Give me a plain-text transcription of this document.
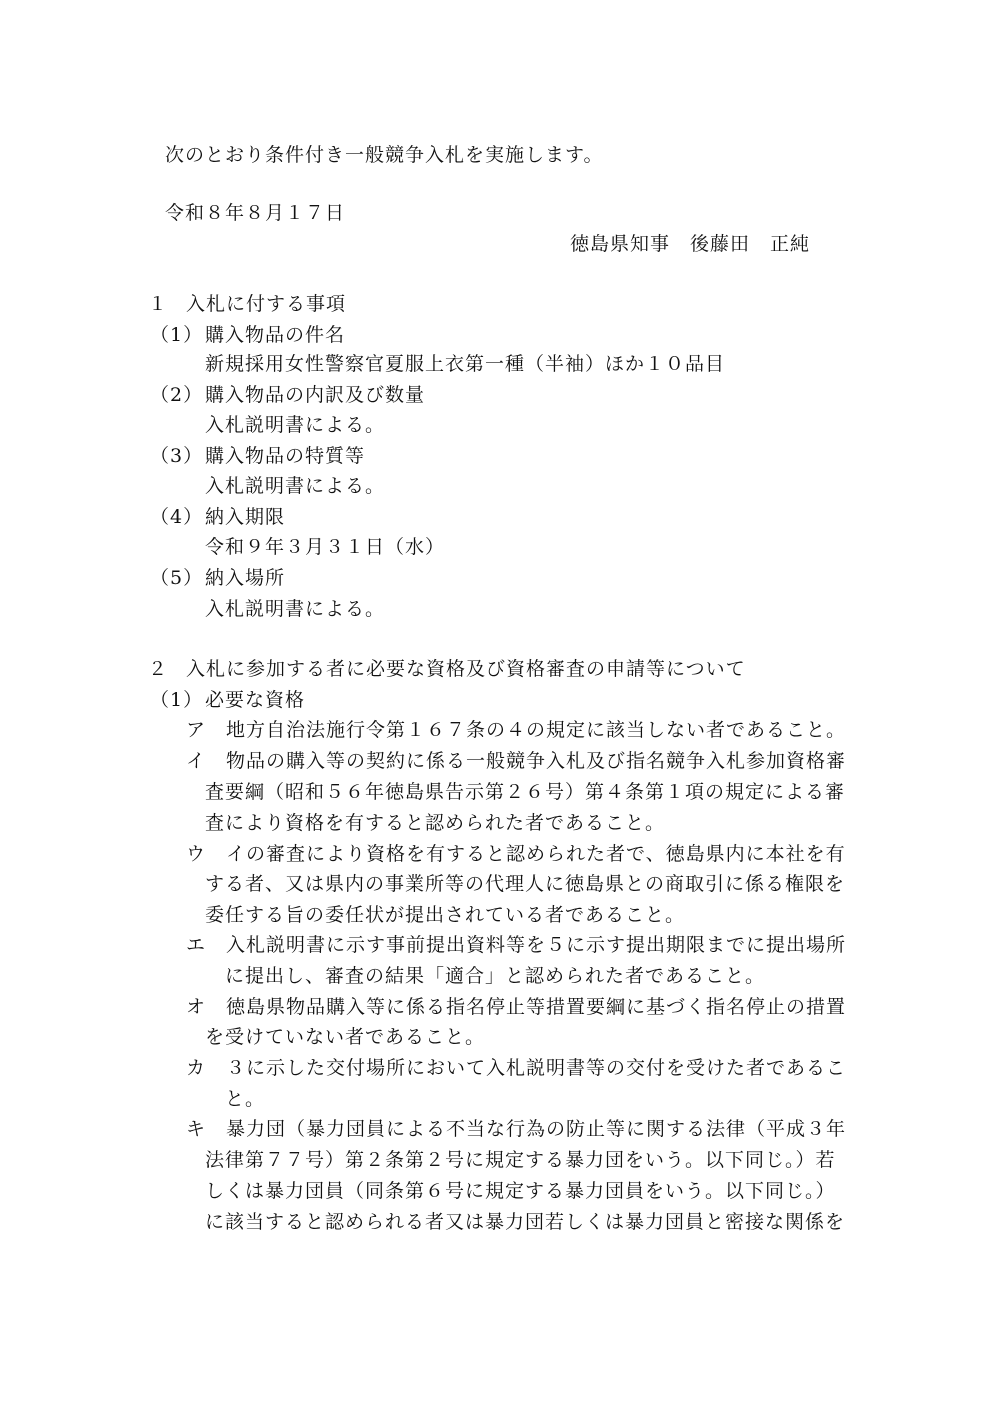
次のとおり条件付き一般競争入札を実施します。
令和８年８月１７日
徳島県知事　後藤田　正純
１ 入札に付する事項
（1） 購入物品の件名
新規採用女性警察官夏服上衣第一種（半袖）ほか１０品目
（2） 購入物品の内訳及び数量
入札説明書による。
（3） 購入物品の特質等
入札説明書による。
（4） 納入期限
令和９年３月３１日（水）
（5） 納入場所
入札説明書による。
２ 入札に参加する者に必要な資格及び資格審査の申請等について
（1） 必要な資格
ア 地方自治法施行令第１６７条の４の規定に該当しない者であること。
イ 物品の購入等の契約に係る一般競争入札及び指名競争入札参加資格審
査要綱（昭和５６年徳島県告示第２６号）第４条第１項の規定による審
査により資格を有すると認められた者であること。
ウ イの審査により資格を有すると認められた者で、徳島県内に本社を有
する者、又は県内の事業所等の代理人に徳島県との商取引に係る権限を
委任する旨の委任状が提出されている者であること。
エ 入札説明書に示す事前提出資料等を５に示す提出期限までに提出場所
に提出し、審査の結果「適合」と認められた者であること。
オ 徳島県物品購入等に係る指名停止等措置要綱に基づく指名停止の措置
を受けていない者であること。
カ ３に示した交付場所において入札説明書等の交付を受けた者であるこ
と。
キ 暴力団（暴力団員による不当な行為の防止等に関する法律（平成３年
法律第７７号）第２条第２号に規定する暴力団をいう。以下同じ。）若
しくは暴力団員（同条第６号に規定する暴力団員をいう。以下同じ。）
に該当すると認められる者又は暴力団若しくは暴力団員と密接な関係を
